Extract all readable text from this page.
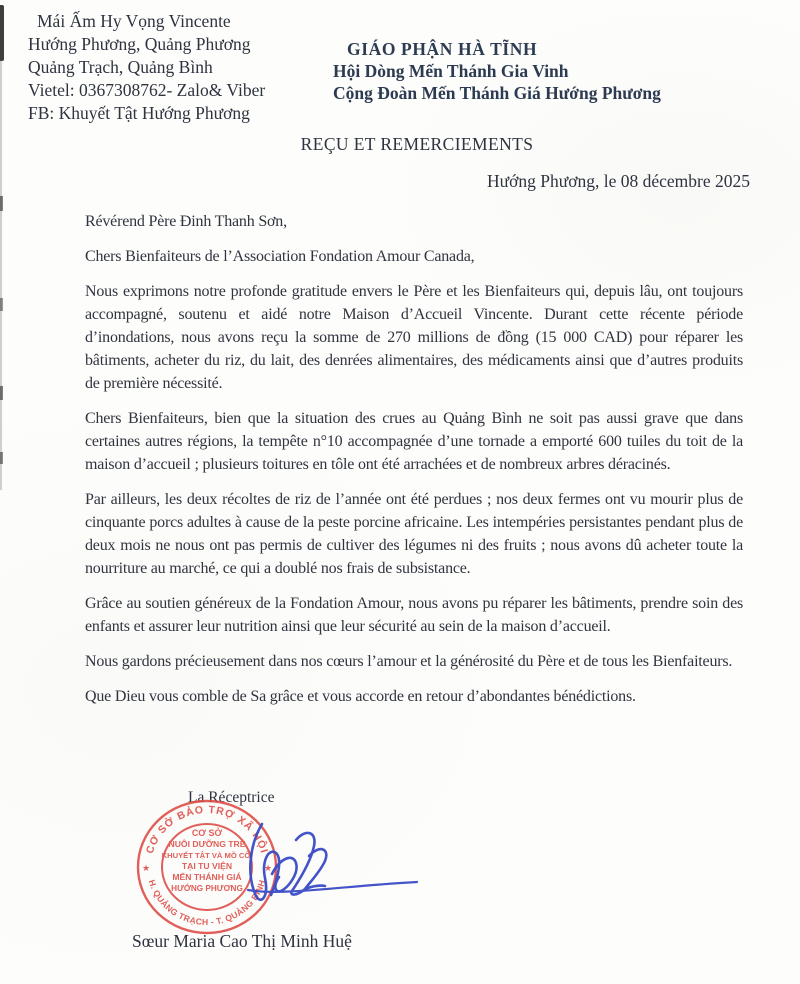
Mái Ấm Hy Vọng Vincente
Hướng Phương, Quảng Phương
Quảng Trạch, Quảng Bình
Vietel: 0367308762- Zalo& Viber
FB: Khuyết Tật Hướng Phương
GIÁO PHẬN HÀ TĨNH
Hội Dòng Mến Thánh Gia Vinh
Cộng Đoàn Mến Thánh Giá Hướng Phương
REÇU ET REMERCIEMENTS
Hướng Phương, le 08 décembre 2025

Révérend Père Đinh Thanh Sơn,

Chers Bienfaiteurs de l’Association Fondation Amour Canada,

Nous exprimons notre profonde gratitude envers le Père et les Bienfaiteurs qui, depuis lâu, ont toujours accompagné, soutenu et aidé notre Maison d’Accueil Vincente. Durant cette récente période d’inondations, nous avons reçu la somme de 270 millions de đồng (15 000 CAD) pour réparer les bâtiments, acheter du riz, du lait, des denrées alimentaires, des médicaments ainsi que d’autres produits de première nécessité.

Chers Bienfaiteurs, bien que la situation des crues au Quảng Bình ne soit pas aussi grave que dans certaines autres régions, la tempête n°10 accompagnée d’une tornade a emporté 600 tuiles du toit de la maison d’accueil ; plusieurs toitures en tôle ont été arrachées et de nombreux arbres déracinés.

Par ailleurs, les deux récoltes de riz de l’année ont été perdues ; nos deux fermes ont vu mourir plus de cinquante porcs adultes à cause de la peste porcine africaine. Les intempéries persistantes pendant plus de deux mois ne nous ont pas permis de cultiver des légumes ni des fruits ; nous avons dû acheter toute la nourriture au marché, ce qui a doublé nos frais de subsistance.

Grâce au soutien généreux de la Fondation Amour, nous avons pu réparer les bâtiments, prendre soin des enfants et assurer leur nutrition ainsi que leur sécurité au sein de la maison d’accueil.

Nous gardons précieusement dans nos cœurs l’amour et la générosité du Père et de tous les Bienfaiteurs.

Que Dieu vous comble de Sa grâce et vous accorde en retour d’abondantes bénédictions.

La Réceptrice
CƠ SỞ BẢO TRỢ XÃ HỘI
H. QUẢNG TRẠCH - T. QUẢNG BÌNH
★	★
CƠ SỞ
NUÔI DƯỠNG TRẺ
KHUYẾT TẬT VÀ MỒ CÔI
TẠI TU VIỆN
MẾN THÁNH GIÁ
HƯỚNG PHƯƠNG
Sœur Maria Cao Thị Minh Huệ
